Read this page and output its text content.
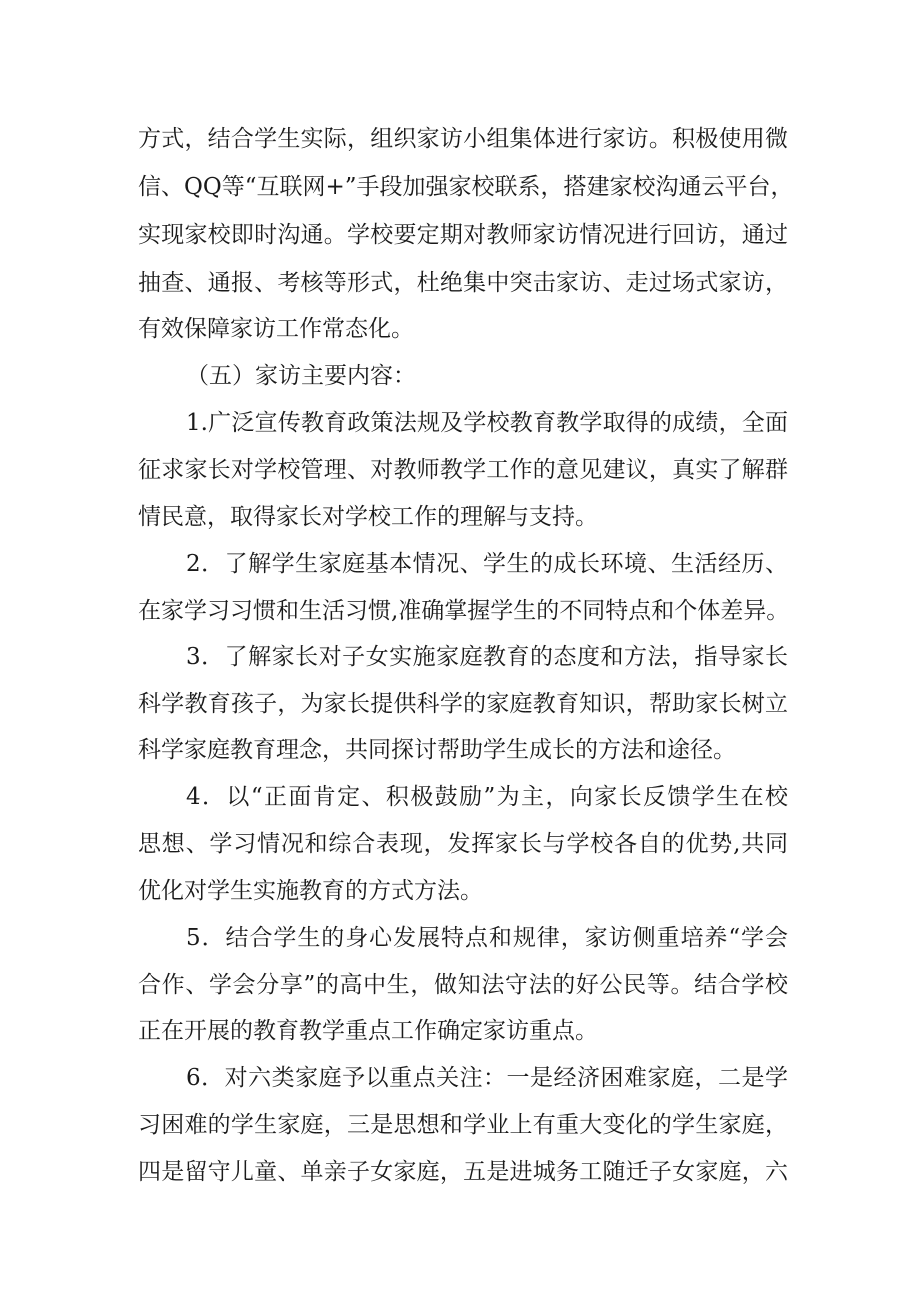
方式，结合学生实际，组织家访小组集体进行家访。积极使用微
信、QQ等“互联网+”手段加强家校联系，搭建家校沟通云平台，
实现家校即时沟通。学校要定期对教师家访情况进行回访，通过
抽查、通报、考核等形式，杜绝集中突击家访、走过场式家访，
有效保障家访工作常态化。
（五）家访主要内容：
1.广泛宣传教育政策法规及学校教育教学取得的成绩，全面
征求家长对学校管理、对教师教学工作的意见建议，真实了解群
情民意，取得家长对学校工作的理解与支持。
2．了解学生家庭基本情况、学生的成长环境、生活经历、
在家学习习惯和生活习惯,准确掌握学生的不同特点和个体差异。
3．了解家长对子女实施家庭教育的态度和方法，指导家长
科学教育孩子，为家长提供科学的家庭教育知识，帮助家长树立
科学家庭教育理念，共同探讨帮助学生成长的方法和途径。
4．以“正面肯定、积极鼓励”为主，向家长反馈学生在校
思想、学习情况和综合表现，发挥家长与学校各自的优势,共同
优化对学生实施教育的方式方法。
5．结合学生的身心发展特点和规律，家访侧重培养“学会
合作、学会分享”的高中生，做知法守法的好公民等。结合学校
正在开展的教育教学重点工作确定家访重点。
6．对六类家庭予以重点关注：一是经济困难家庭，二是学
习困难的学生家庭，三是思想和学业上有重大变化的学生家庭，
四是留守儿童、单亲子女家庭，五是进城务工随迁子女家庭，六
